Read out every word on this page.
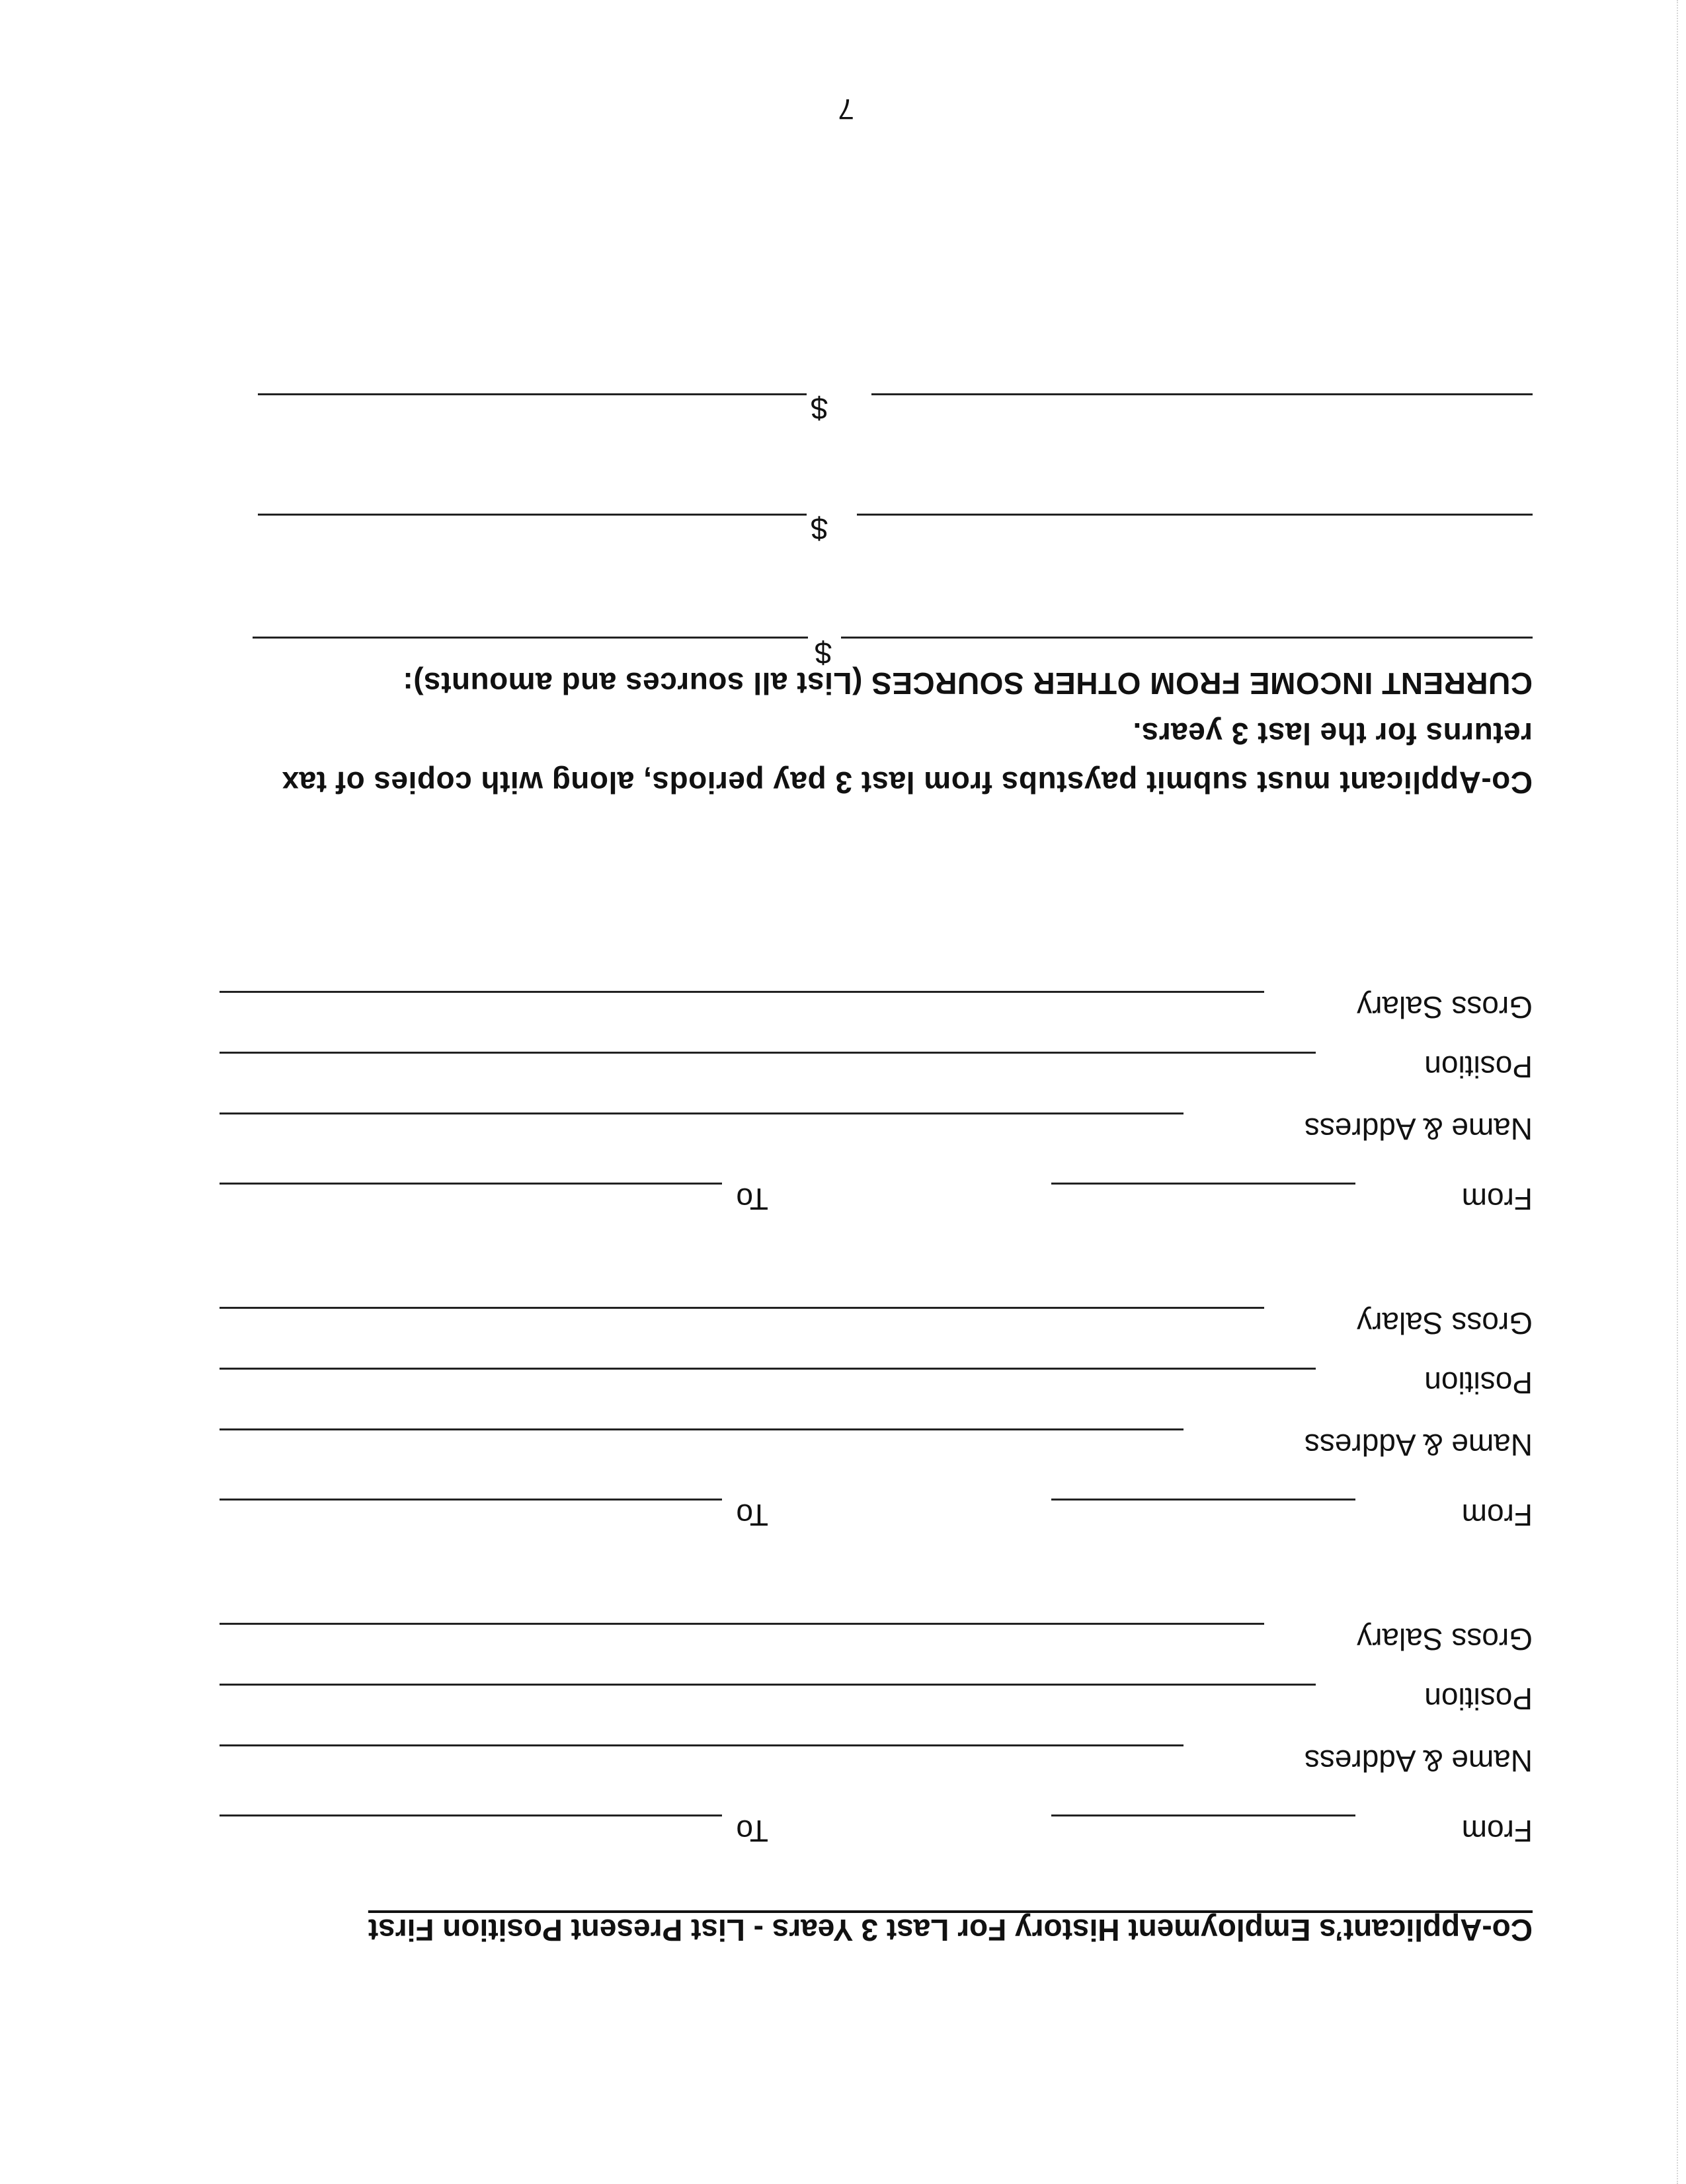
Co-Applicant’s Employment History For Last 3 Years - List Present Position First
From
To
Name & Address
Position
Gross Salary
From
To
Name & Address
Position
Gross Salary
From
To
Name & Address
Position
Gross Salary
Co-Applicant must submit paystubs from last 3 pay periods, along with copies of tax
returns for the last 3 years.
CURRENT INCOME FROM OTHER SOURCES (List all sources and amounts):
$
$
$
7
